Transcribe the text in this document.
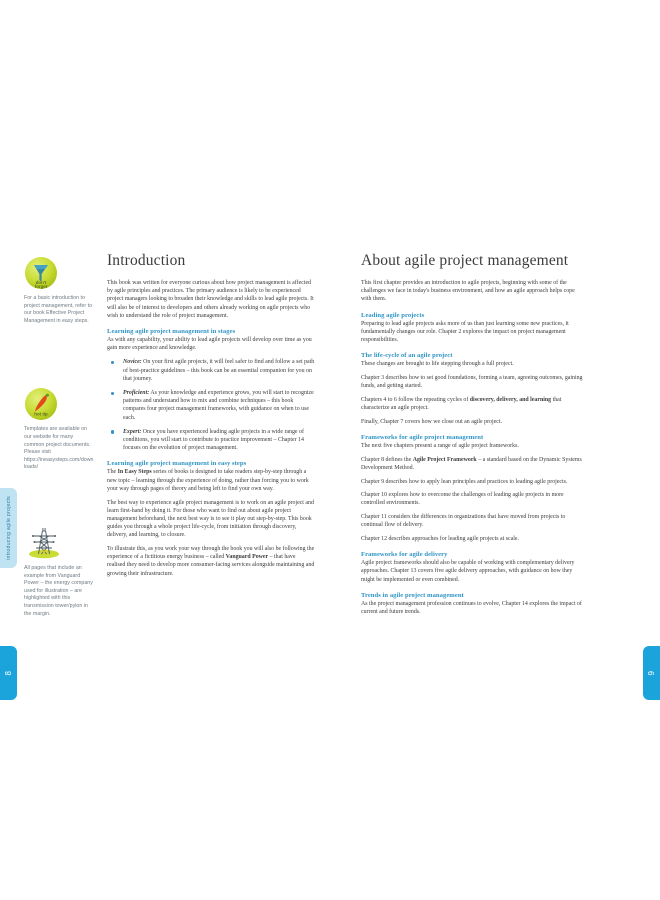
introducing agile projects
8	9
don't
forget
For a basic introduction to project management, refer to our book Effective Project Management in easy steps.
hot tip
Templates are available on our website for many common project documents. Please visit https://ineasysteps.com/downloads/
All pages that include an example from Vanguard Power – the energy company used for illustration – are highlighted with this transmission tower/pylon in the margin.
Introduction

This book was written for everyone curious about how project management is affected by agile principles and practices. The primary audience is likely to be experienced project managers looking to broaden their knowledge and skills to lead agile projects. It will also be of interest to developers and others already working on agile projects who wish to understand the role of project management.

Learning agile project management in stages

As with any capability, your ability to lead agile projects will develop over time as you gain more experience and knowledge.

Novice: On your first agile projects, it will feel safer to find and follow a set path of best-practice guidelines – this book can be an essential companion for you on that journey.
Proficient: As your knowledge and experience grows, you will start to recognize patterns and understand how to mix and combine techniques – this book compares four project management frameworks, with guidance on when to use each.
Expert: Once you have experienced leading agile projects in a wide range of conditions, you will start to contribute to practice improvement – Chapter 14 focuses on the evolution of project management.
Learning agile project management in easy steps

The In Easy Steps series of books is designed to take readers step-by-step through a new topic – learning through the experience of doing, rather than forcing you to work your way through pages of theory and being left to find your own way.

The best way to experience agile project management is to work on an agile project and learn first-hand by doing it. For those who want to find out about agile project management beforehand, the next best way is to see it play out step-by-step. This book guides you through a whole project life-cycle, from initiation through discovery, delivery, and learning, to closure.

To illustrate this, as you work your way through the book you will also be following the experience of a fictitious energy business – called Vanguard Power – that have realised they need to develop more consumer-facing services alongside maintaining and growing their infrastructure.

About agile project management

This first chapter provides an introduction to agile projects, beginning with some of the challenges we face in today's business environment, and how an agile approach helps cope with them.

Leading agile projects

Preparing to lead agile projects asks more of us than just learning some new practices, it fundamentally changes our role. Chapter 2 explores the impact on project management responsibilities.

The life-cycle of an agile project

These changes are brought to life stepping through a full project.

Chapter 3 describes how to set good foundations, forming a team, agreeing outcomes, gaining funds, and getting started.

Chapters 4 to 6 follow the repeating cycles of discovery, delivery, and learning that characterize an agile project.

Finally, Chapter 7 covers how we close out an agile project.

Frameworks for agile project management

The next five chapters present a range of agile project frameworks.

Chapter 8 defines the Agile Project Framework – a standard based on the Dynamic Systems Development Method.

Chapter 9 describes how to apply lean principles and practices to leading agile projects.

Chapter 10 explores how to overcome the challenges of leading agile projects in more controlled environments.

Chapter 11 considers the differences in organizations that have moved from projects to continual flow of delivery.

Chapter 12 describes approaches for leading agile projects at scale.

Frameworks for agile delivery

Agile project frameworks should also be capable of working with complementary delivery approaches. Chapter 13 covers five agile delivery approaches, with guidance on how they might be implemented or even combined.

Trends in agile project management

As the project management profession continues to evolve, Chapter 14 explores the impact of current and future trends.
